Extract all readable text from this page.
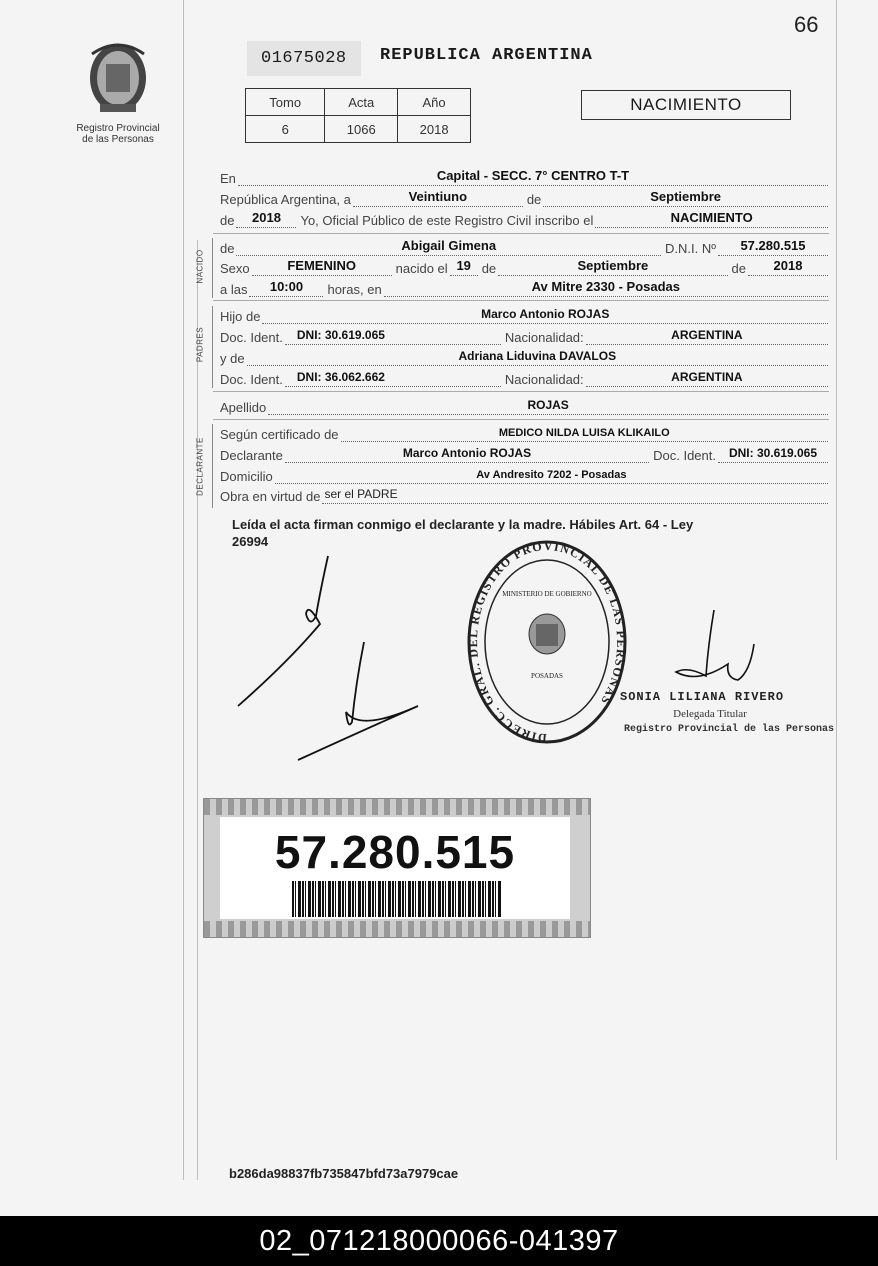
Registro Provincial
de las Personas
66
01675028	REPUBLICA ARGENTINA
Tomo	Acta	Año
6	1066	2018
NACIMIENTO
En	Capital - SECC. 7° CENTRO T-T
República Argentina, a	Veintiuno	de	Septiembre
de	2018	Yo, Oficial Público de este Registro Civil inscribo el	NACIMIENTO
NACIDO
de	Abigail Gimena	D.N.I. Nº	57.280.515
Sexo	FEMENINO	nacido el 19 de	Septiembre	de	2018
a las	10:00	horas, en	Av Mitre 2330 - Posadas
PADRES
Hijo de	Marco Antonio ROJAS
Doc. Ident.	DNI: 30.619.065	Nacionalidad:	ARGENTINA
y de	Adriana Liduvina DAVALOS
Doc. Ident.	DNI: 36.062.662	Nacionalidad:	ARGENTINA
Apellido	ROJAS
DECLARANTE
Según certificado de	MEDICO NILDA LUISA KLIKAILO
Declarante	Marco Antonio ROJAS	Doc. Ident.	DNI: 30.619.065
Domicilio	Av Andresito 7202 - Posadas
Obra en virtud de ser el PADRE
Leída el acta firman conmigo el declarante y la madre. Hábiles Art. 64 - Ley
26994
DIRECC. GRAL. DEL REGISTRO PROVINCIAL DE LAS PERSONAS
MINISTERIO DE GOBIERNO
POSADAS
SONIA LILIANA RIVERO
Delegada Titular
Registro Provincial de las Personas
57.280.515
b286da98837fb735847bfd73a7979cae
02_071218000066-041397
